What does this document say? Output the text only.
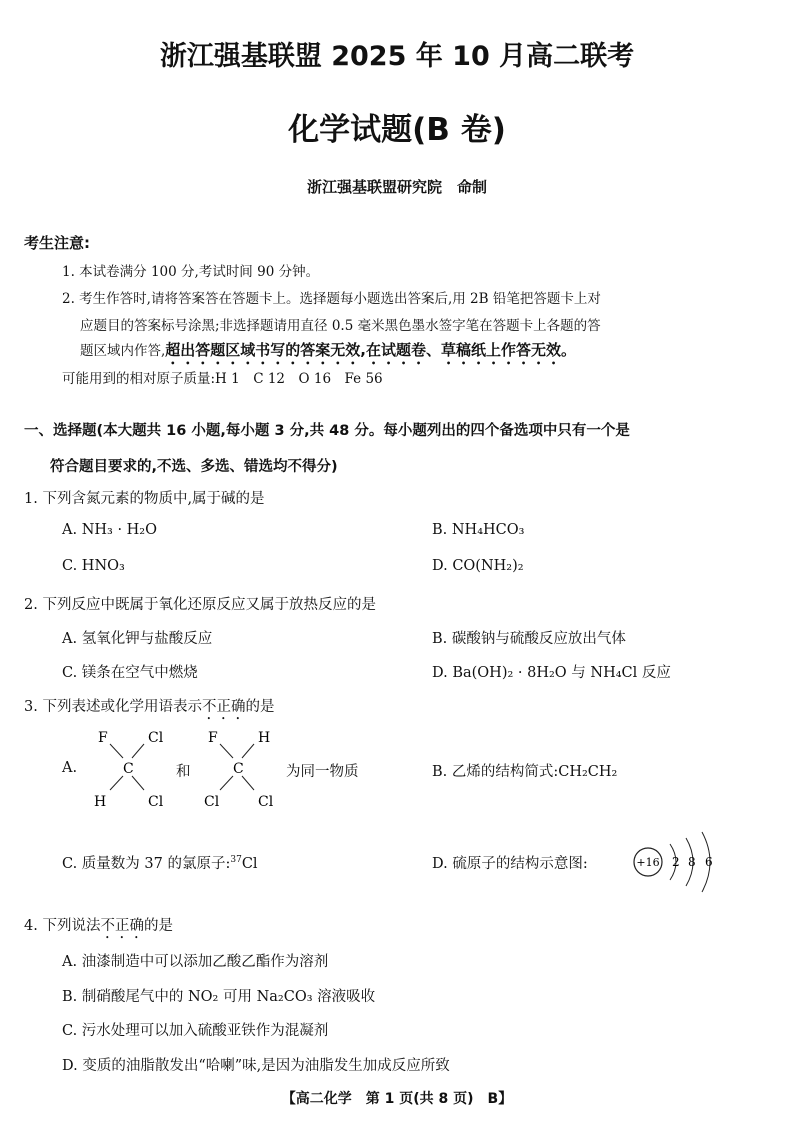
浙江强基联盟 2025 年 10 月高二联考
化学试题(B 卷)
浙江强基联盟研究院　命制
考生注意:
1. 本试卷满分 100 分,考试时间 90 分钟。
2. 考生作答时,请将答案答在答题卡上。选择题每小题选出答案后,用 2B 铅笔把答题卡上对
应题目的答案标号涂黑;非选择题请用直径 0.5 毫米黑色墨水签字笔在答题卡上各题的答
题区域内作答,超出答题区域书写的答案无效,在试题卷、草稿纸上作答无效。
可能用到的相对原子质量:H 1　C 12　O 16　Fe 56
一、选择题(本大题共 16 小题,每小题 3 分,共 48 分。每小题列出的四个备选项中只有一个是
符合题目要求的,不选、多选、错选均不得分)
1. 下列含氮元素的物质中,属于碱的是
A. NH₃ · H₂O	B. NH₄HCO₃
C. HNO₃	D. CO(NH₂)₂
2. 下列反应中既属于氧化还原反应又属于放热反应的是
A. 氢氧化钾与盐酸反应	B. 碳酸钠与硫酸反应放出气体
C. 镁条在空气中燃烧	D. Ba(OH)₂ · 8H₂O 与 NH₄Cl 反应
3. 下列表述或化学用语表示不正确的是
A.
F	Cl
C
H	Cl
和
F	H
C
Cl	Cl
为同一物质	B. 乙烯的结构简式:CH₂CH₂
C. 质量数为 37 的氯原子:$^{37}$Cl	D. 硫原子的结构示意图:	+16 2 8 6
4. 下列说法不正确的是
A. 油漆制造中可以添加乙酸乙酯作为溶剂
B. 制硝酸尾气中的 NO₂ 可用 Na₂CO₃ 溶液吸收
C. 污水处理可以加入硫酸亚铁作为混凝剂
D. 变质的油脂散发出“哈喇”味,是因为油脂发生加成反应所致
【高二化学　第 1 页(共 8 页)　B】
